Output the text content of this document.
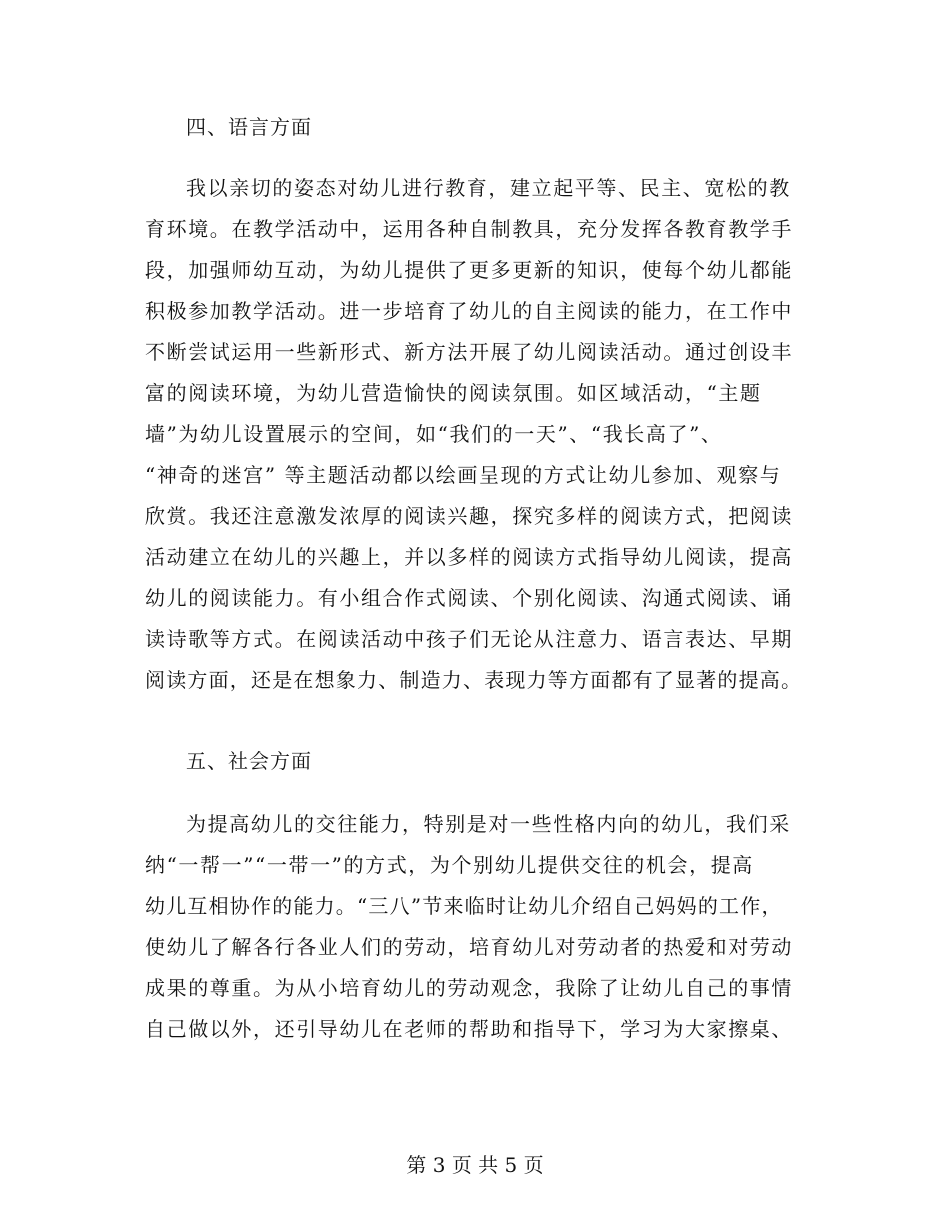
四、语言方面
我以亲切的姿态对幼儿进行教育，建立起平等、民主、宽松的教
育环境。在教学活动中，运用各种自制教具，充分发挥各教育教学手
段，加强师幼互动，为幼儿提供了更多更新的知识，使每个幼儿都能
积极参加教学活动。进一步培育了幼儿的自主阅读的能力，在工作中
不断尝试运用一些新形式、新方法开展了幼儿阅读活动。通过创设丰
富的阅读环境，为幼儿营造愉快的阅读氛围。如区域活动，“主题
墙”为幼儿设置展示的空间，如“我们的一天”、“我长高了”、
“神奇的迷宫” 等主题活动都以绘画呈现的方式让幼儿参加、观察与
欣赏。我还注意激发浓厚的阅读兴趣，探究多样的阅读方式，把阅读
活动建立在幼儿的兴趣上，并以多样的阅读方式指导幼儿阅读，提高
幼儿的阅读能力。有小组合作式阅读、个别化阅读、沟通式阅读、诵
读诗歌等方式。在阅读活动中孩子们无论从注意力、语言表达、早期
阅读方面，还是在想象力、制造力、表现力等方面都有了显著的提高。
五、社会方面
为提高幼儿的交往能力，特别是对一些性格内向的幼儿，我们采
纳“一帮一”“一带一”的方式，为个别幼儿提供交往的机会，提高
幼儿互相协作的能力。“三八”节来临时让幼儿介绍自己妈妈的工作，
使幼儿了解各行各业人们的劳动，培育幼儿对劳动者的热爱和对劳动
成果的尊重。为从小培育幼儿的劳动观念，我除了让幼儿自己的事情
自己做以外，还引导幼儿在老师的帮助和指导下，学习为大家擦桌、
第 3 页 共 5 页
